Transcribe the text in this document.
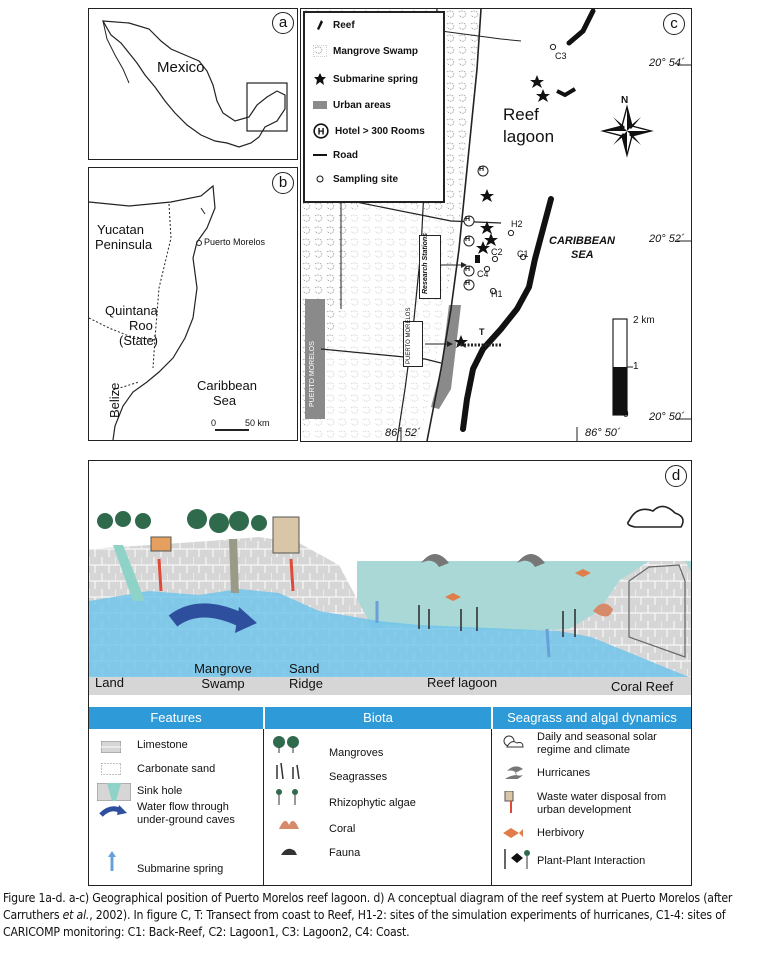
Mexico
a
Yucatan
Peninsula	Puerto Morelos
Quintana
Roo
(State)
Caribbean
Sea
Belize
0	50 km
b
H
H
H
H
H
Reef
Mangrove Swamp
Submarine spring
Urban areas
H Hotel > 300 Rooms
Road
Sampling site
Reef
lagoon
CARIBBEAN
SEA
N
20° 54´
20° 52´
20° 50´
86° 52´	86° 50´
Research Stations
PUERTO MORELOS
PUERTO MORELOS
C3
H2
C2 C1
C4
H1
T
2 km
1
0
c
Land
Mangrove Swamp
Sand Ridge	Reef lagoon	Coral Reef
d
Features	Biota	Seagrass and algal dynamics
Limestone
Carbonate sand
Sink hole
Water flow through under-ground caves
Submarine spring
Mangroves
Seagrasses
Rhizophytic algae
Coral
Fauna
Daily and seasonal solar regime and climate
Hurricanes
Waste water disposal from urban development
Herbivory
Plant-Plant Interaction
Figure 1a-d. a-c) Geographical position of Puerto Morelos reef lagoon. d) A conceptual diagram of the reef system at Puerto Morelos (after Carruthers et al., 2002). In figure C, T: Transect from coast to Reef, H1-2: sites of the simulation experiments of hurricanes, C1-4: sites of CARICOMP monitoring: C1: Back-Reef, C2: Lagoon1, C3: Lagoon2, C4: Coast.
